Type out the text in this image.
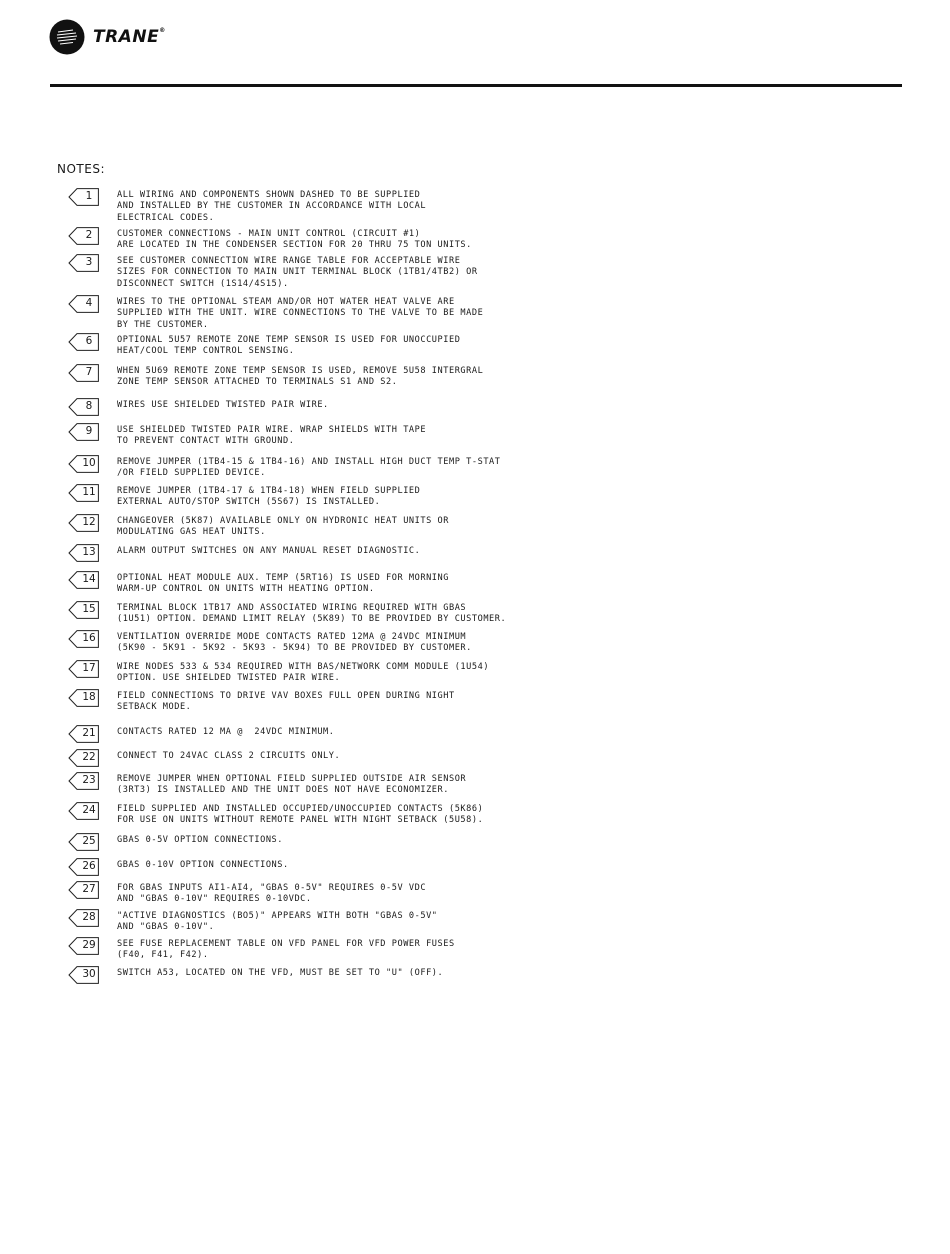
TRANE®
NOTES:
1	ALL WIRING AND COMPONENTS SHOWN DASHED TO BE SUPPLIED
AND INSTALLED BY THE CUSTOMER IN ACCORDANCE WITH LOCAL
ELECTRICAL CODES.
2	CUSTOMER CONNECTIONS - MAIN UNIT CONTROL (CIRCUIT #1)
ARE LOCATED IN THE CONDENSER SECTION FOR 20 THRU 75 TON UNITS.
3	SEE CUSTOMER CONNECTION WIRE RANGE TABLE FOR ACCEPTABLE WIRE
SIZES FOR CONNECTION TO MAIN UNIT TERMINAL BLOCK (1TB1/4TB2) OR
DISCONNECT SWITCH (1S14/4S15).
4	WIRES TO THE OPTIONAL STEAM AND/OR HOT WATER HEAT VALVE ARE
SUPPLIED WITH THE UNIT. WIRE CONNECTIONS TO THE VALVE TO BE MADE
BY THE CUSTOMER.
6	OPTIONAL 5U57 REMOTE ZONE TEMP SENSOR IS USED FOR UNOCCUPIED
HEAT/COOL TEMP CONTROL SENSING.
7	WHEN 5U69 REMOTE ZONE TEMP SENSOR IS USED, REMOVE 5U58 INTERGRAL
ZONE TEMP SENSOR ATTACHED TO TERMINALS S1 AND S2.
8	WIRES USE SHIELDED TWISTED PAIR WIRE.
9	USE SHIELDED TWISTED PAIR WIRE. WRAP SHIELDS WITH TAPE
TO PREVENT CONTACT WITH GROUND.
10 REMOVE JUMPER (1TB4-15 & 1TB4-16) AND INSTALL HIGH DUCT TEMP T-STAT
/OR FIELD SUPPLIED DEVICE.
11 REMOVE JUMPER (1TB4-17 & 1TB4-18) WHEN FIELD SUPPLIED
EXTERNAL AUTO/STOP SWITCH (5S67) IS INSTALLED.
12 CHANGEOVER (5K87) AVAILABLE ONLY ON HYDRONIC HEAT UNITS OR
MODULATING GAS HEAT UNITS.
13 ALARM OUTPUT SWITCHES ON ANY MANUAL RESET DIAGNOSTIC.
14 OPTIONAL HEAT MODULE AUX. TEMP (5RT16) IS USED FOR MORNING
WARM-UP CONTROL ON UNITS WITH HEATING OPTION.
15 TERMINAL BLOCK 1TB17 AND ASSOCIATED WIRING REQUIRED WITH GBAS
(1U51) OPTION. DEMAND LIMIT RELAY (5K89) TO BE PROVIDED BY CUSTOMER.
16 VENTILATION OVERRIDE MODE CONTACTS RATED 12MA @ 24VDC MINIMUM
(5K90 - 5K91 - 5K92 - 5K93 - 5K94) TO BE PROVIDED BY CUSTOMER.
17 WIRE NODES 533 & 534 REQUIRED WITH BAS/NETWORK COMM MODULE (1U54)
OPTION. USE SHIELDED TWISTED PAIR WIRE.
18 FIELD CONNECTIONS TO DRIVE VAV BOXES FULL OPEN DURING NIGHT
SETBACK MODE.
21 CONTACTS RATED 12 MA @  24VDC MINIMUM.
22 CONNECT TO 24VAC CLASS 2 CIRCUITS ONLY.
23 REMOVE JUMPER WHEN OPTIONAL FIELD SUPPLIED OUTSIDE AIR SENSOR
(3RT3) IS INSTALLED AND THE UNIT DOES NOT HAVE ECONOMIZER.
24 FIELD SUPPLIED AND INSTALLED OCCUPIED/UNOCCUPIED CONTACTS (5K86)
FOR USE ON UNITS WITHOUT REMOTE PANEL WITH NIGHT SETBACK (5U58).
25 GBAS 0-5V OPTION CONNECTIONS.
26 GBAS 0-10V OPTION CONNECTIONS.
27 FOR GBAS INPUTS AI1-AI4, "GBAS 0-5V" REQUIRES 0-5V VDC
AND "GBAS 0-10V" REQUIRES 0-10VDC.
28 "ACTIVE DIAGNOSTICS (BO5)" APPEARS WITH BOTH "GBAS 0-5V"
AND "GBAS 0-10V".
29 SEE FUSE REPLACEMENT TABLE ON VFD PANEL FOR VFD POWER FUSES
(F40, F41, F42).
30 SWITCH A53, LOCATED ON THE VFD, MUST BE SET TO "U" (OFF).
